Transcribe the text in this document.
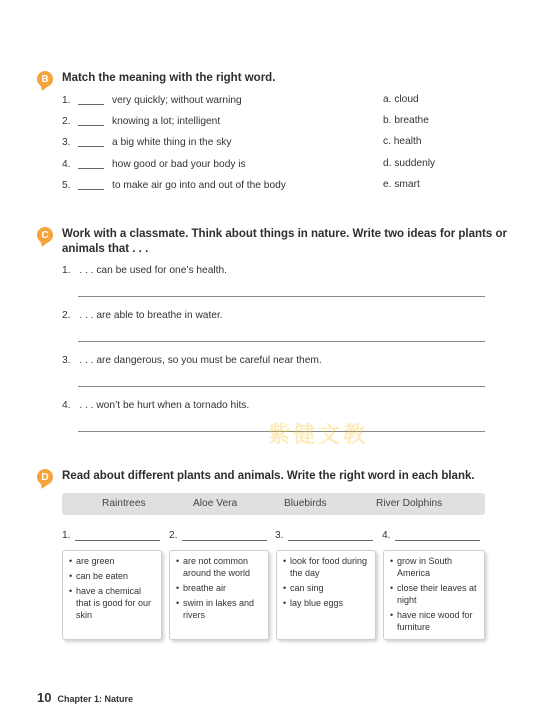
B	Match the meaning with the right word.
1.	very quickly; without warning
2.	knowing a lot; intelligent
3.	a big white thing in the sky
4.	how good or bad your body is
5.	to make air go into and out of the body
a. cloud
b. breathe
c. health
d. suddenly
e. smart
C	Work with a classmate. Think about things in nature. Write two ideas for plants or
animals that . . .
1. . . . can be used for one’s health.
2. . . . are able to breathe in water.
3. . . . are dangerous, so you must be careful near them.
4. . . . won’t be hurt when a tornado hits.
紫健文教
D	Read about different plants and animals. Write the right word in each blank.
Raintrees	Aloe Vera	Bluebirds	River Dolphins
1.	2.	3.	4.
• are green
• can be eaten
• have a chemical that is good for our skin
• are not common around the world
• breathe air
• swim in lakes and rivers
• look for food during the day
• can sing
• lay blue eggs
• grow in South America
• close their leaves at night
• have nice wood for furniture
10 Chapter 1: Nature
